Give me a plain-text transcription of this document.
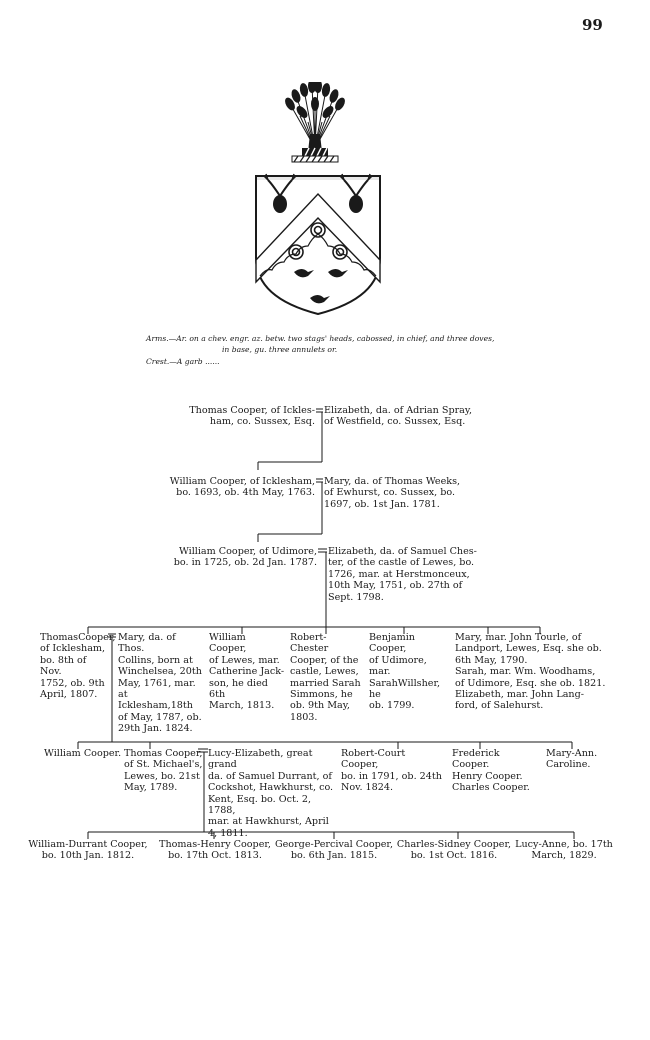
99
Arms.—Ar. on a chev. engr. az. betw. two stags' heads, cabossed, in chief, and three doves,
in base, gu. three annulets or.
Crest.—A garb ......
Thomas Cooper, of Ickles-
ham, co. Sussex, Esq.
Elizabeth, da. of Adrian Spray,
of Westfield, co. Sussex, Esq.
William Cooper, of Icklesham,
bo. 1693, ob. 4th May, 1763.
Mary, da. of Thomas Weeks,
of Ewhurst, co. Sussex, bo.
1697, ob. 1st Jan. 1781.
William Cooper, of Udimore,
bo. in 1725, ob. 2d Jan. 1787.
Elizabeth, da. of Samuel Ches-
ter, of the castle of Lewes, bo.
1726, mar. at Herstmonceux,
10th May, 1751, ob. 27th of
Sept. 1798.
ThomasCooper,
of Icklesham,
bo. 8th of Nov.
1752, ob. 9th
April, 1807.
Mary, da. of Thos.
Collins, born at
Winchelsea, 20th
May, 1761, mar.
at Icklesham,18th
of May, 1787, ob.
29th Jan. 1824.
William Cooper,
of Lewes, mar.
Catherine Jack-
son, he died 6th
March, 1813.
Robert-Chester
Cooper, of the
castle, Lewes,
married Sarah
Simmons, he
ob. 9th May,
1803.
Benjamin Cooper,
of Udimore, mar.
SarahWillsher, he
ob. 1799.
Mary, mar. John Tourle, of
Landport, Lewes, Esq. she ob.
6th May, 1790.
Sarah, mar. Wm. Woodhams,
of Udimore, Esq. she ob. 1821.
Elizabeth, mar. John Lang-
ford, of Salehurst.
William Cooper. Thomas Cooper,
of St. Michael's,
Lewes, bo. 21st
May, 1789.
Lucy-Elizabeth, great grand
da. of Samuel Durrant, of
Cockshot, Hawkhurst, co.
Kent, Esq. bo. Oct. 2, 1788,
mar. at Hawkhurst, April
4, 1811.
Robert-Court Cooper,
bo. in 1791, ob. 24th
Nov. 1824.
Frederick Cooper.
Henry Cooper.
Charles Cooper.
Mary-Ann.
Caroline.
William-Durrant Cooper,
bo. 10th Jan. 1812.
Thomas-Henry Cooper,
bo. 17th Oct. 1813.
George-Percival Cooper,
bo. 6th Jan. 1815.
Charles-Sidney Cooper,
bo. 1st Oct. 1816.
Lucy-Anne, bo. 17th
March, 1829.
